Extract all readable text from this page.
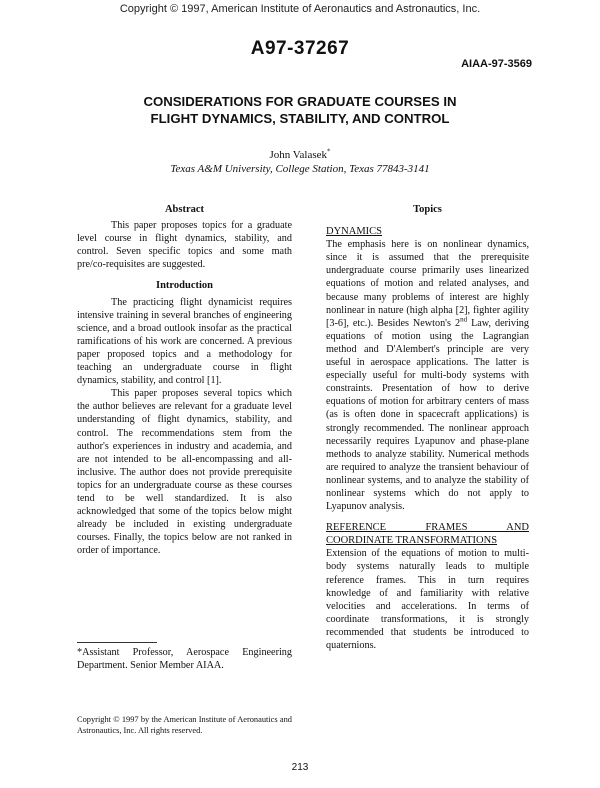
Copyright © 1997, American Institute of Aeronautics and Astronautics, Inc.
A97-37267
AIAA-97-3569
CONSIDERATIONS FOR GRADUATE COURSES IN
FLIGHT DYNAMICS, STABILITY, AND CONTROL
John Valasek*
Texas A&M University, College Station, Texas 77843-3141
Abstract

This paper proposes topics for a graduate level course in flight dynamics, stability, and control. Seven specific topics and some math pre/co-requisites are suggested.

Introduction

The practicing flight dynamicist requires intensive training in several branches of engineering science, and a broad outlook insofar as the practical ramifications of his work are concerned. A previous paper proposed topics and a methodology for teaching an undergraduate course in flight dynamics, stability, and control [1].

This paper proposes several topics which the author believes are relevant for a graduate level understanding of flight dynamics, stability, and control. The recommendations stem from the author's experiences in industry and academia, and are not intended to be all-encompassing and all-inclusive. The author does not provide prerequisite topics for an undergraduate course as these courses tend to be well standardized. It is also acknowledged that some of the topics below might already be included in existing undergraduate courses. Finally, the topics below are not ranked in order of importance.

*Assistant Professor, Aerospace Engineering Department. Senior Member AIAA.
Copyright © 1997 by the American Institute of Aeronautics and Astronautics, Inc. All rights reserved.
Topics
DYNAMICS

The emphasis here is on nonlinear dynamics, since it is assumed that the prerequisite undergraduate course primarily uses linearized equations of motion and related analyses, and because many problems of interest are highly nonlinear in nature (high alpha [2], fighter agility [3-6], etc.). Besides Newton's 2nd Law, deriving equations of motion using the Lagrangian method and D'Alembert's principle are very useful in aerospace applications. The latter is especially useful for multi-body systems with constraints. Presentation of how to derive equations of motion for arbitrary centers of mass (as is often done in spacecraft applications) is strongly recommended. The nonlinear approach necessarily requires Lyapunov and phase-plane methods to analyze stability. Numerical methods are required to analyze the transient behaviour of nonlinear systems, and to analyze the stability of nonlinear systems which do not apply to Lyapunov analysis.

REFERENCE FRAMES AND
COORDINATE TRANSFORMATIONS

Extension of the equations of motion to multi-body systems naturally leads to multiple reference frames. This in turn requires knowledge of and familiarity with relative velocities and accelerations. In terms of coordinate transformations, it is strongly recommended that students be introduced to quaternions.

213
